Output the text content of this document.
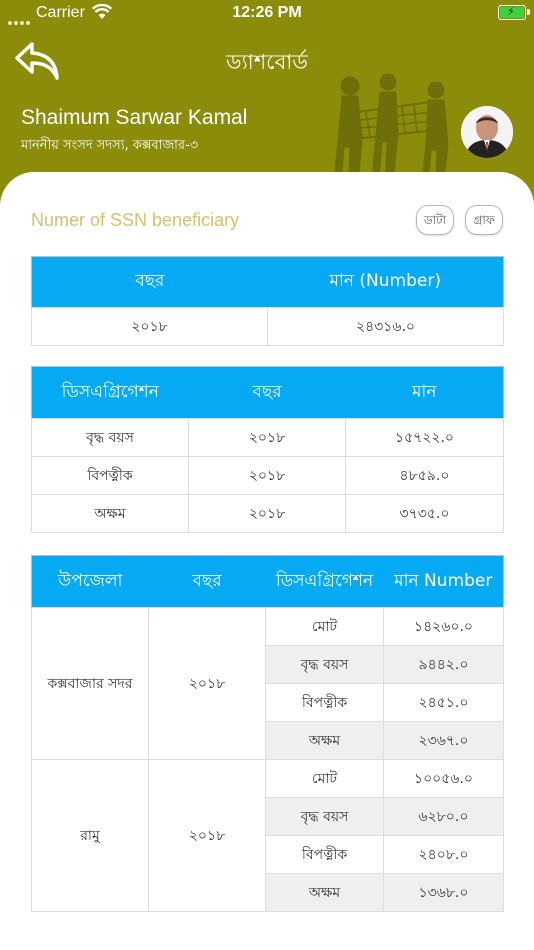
Carrier	12:26 PM	⚡
ড্যাশবোর্ড
Shaimum Sarwar Kamal
মাননীয় সংসদ সদস্য, কক্সবাজার-৩
Numer of SSN beneficiary	ডাটা	গ্রাফ
বছর	মান (Number)
২০১৮	২৪৩১৬.০
ডিসএগ্রিগেশন	বছর	মান
বৃদ্ধ বয়স	২০১৮	১৫৭২২.০
বিপত্নীক	২০১৮	৪৮৫৯.০
অক্ষম	২০১৮	৩৭৩৫.০
উপজেলা	বছর	ডিসএগ্রিগেশন	মান Number
কক্সবাজার সদর	২০১৮	মোট	১৪২৬০.০
		বৃদ্ধ বয়স	৯৪৪২.০
		বিপত্নীক	২৪৫১.০
		অক্ষম	২৩৬৭.০
রামু	২০১৮	মোট	১০০৫৬.০
		বৃদ্ধ বয়স	৬২৮০.০
		বিপত্নীক	২৪০৮.০
		অক্ষম	১৩৬৮.০
